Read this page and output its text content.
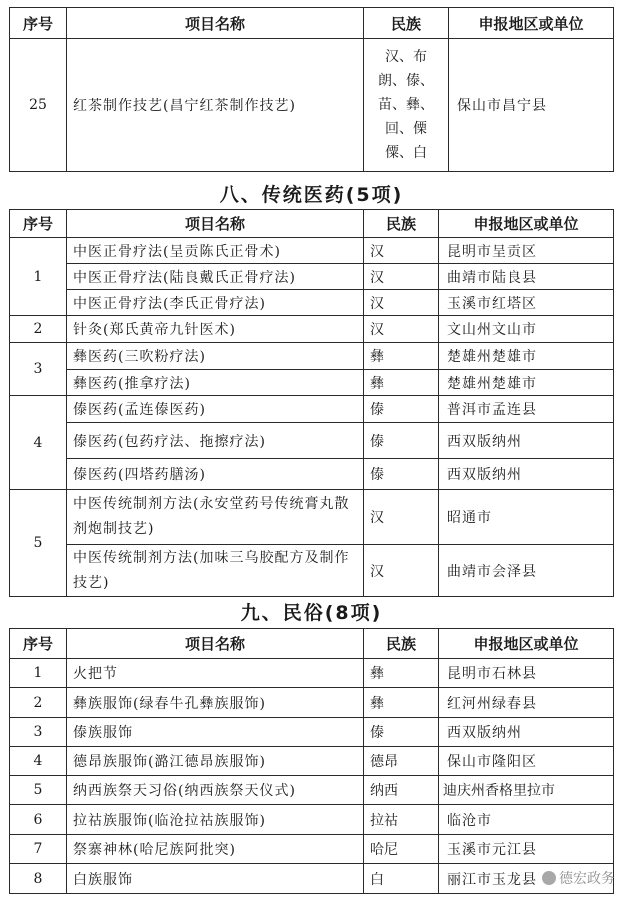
序号	项目名称	民族	申报地区或单位
25	红茶制作技艺(昌宁红茶制作技艺)	汉、布
朗、傣、
苗、彝、
回、傈
僳、白	保山市昌宁县
八、传统医药(5项)
序号	项目名称	民族	申报地区或单位
1	中医正骨疗法(呈贡陈氏正骨术)	汉	昆明市呈贡区
	中医正骨疗法(陆良戴氏正骨疗法)	汉	曲靖市陆良县
	中医正骨疗法(李氏正骨疗法)	汉	玉溪市红塔区
2	针灸(郑氏黄帝九针医术)	汉	文山州文山市
3	彝医药(三吹粉疗法)	彝	楚雄州楚雄市
	彝医药(推拿疗法)	彝	楚雄州楚雄市
4	傣医药(孟连傣医药)	傣	普洱市孟连县
	傣医药(包药疗法、拖擦疗法)	傣	西双版纳州
	傣医药(四塔药膳汤)	傣	西双版纳州
5	中医传统制剂方法(永安堂药号传统膏丸散剂炮制技艺)	汉	昭通市
	中医传统制剂方法(加味三乌胶配方及制作技艺)	汉	曲靖市会泽县
九、民俗(8项)
序号	项目名称	民族	申报地区或单位
1	火把节	彝	昆明市石林县
2	彝族服饰(绿春牛孔彝族服饰)	彝	红河州绿春县
3	傣族服饰	傣	西双版纳州
4	德昂族服饰(潞江德昂族服饰)	德昂	保山市隆阳区
5	纳西族祭天习俗(纳西族祭天仪式)	纳西	迪庆州香格里拉市
6	拉祜族服饰(临沧拉祜族服饰)	拉祜	临沧市
7	祭寨神林(哈尼族阿批突)	哈尼	玉溪市元江县
8	白族服饰	白	丽江市玉龙县	德宏政务
